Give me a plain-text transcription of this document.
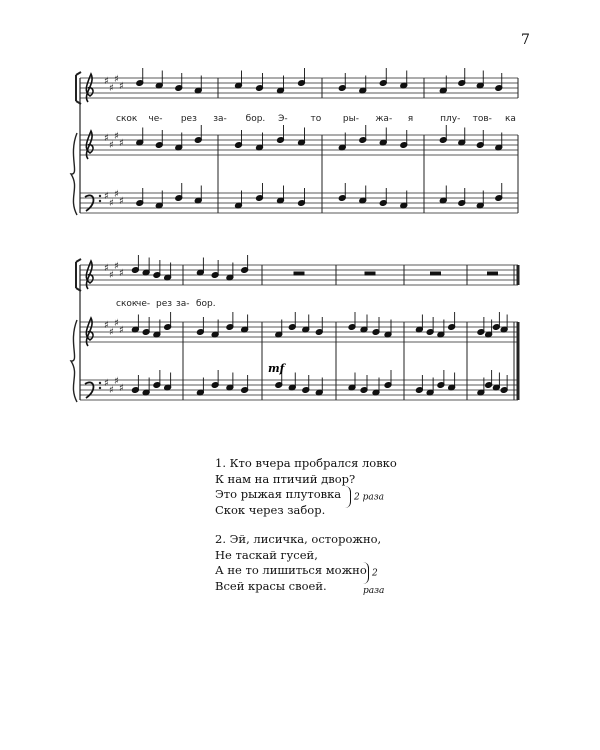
7
♯
♯
♯
♯
♯
♯
♯
♯
♯
♯
♯
♯
♯
♯
♯
♯
♯
♯
♯
♯
♯
♯
♯
♯
скок че- рез за- бор. Э-	то ры- жа- я	плу- тов- ка
скок
че- рез за- бор.
mf
1. Кто вчера пробрался ловко
К нам на птичий двор?
Это рыжая плутовка
Скок через забор.
2 раза
2. Эй, лисичка, осторожно,
Не таскай гусей,
А не то лишиться можно
Всей красы своей.
2 раза
